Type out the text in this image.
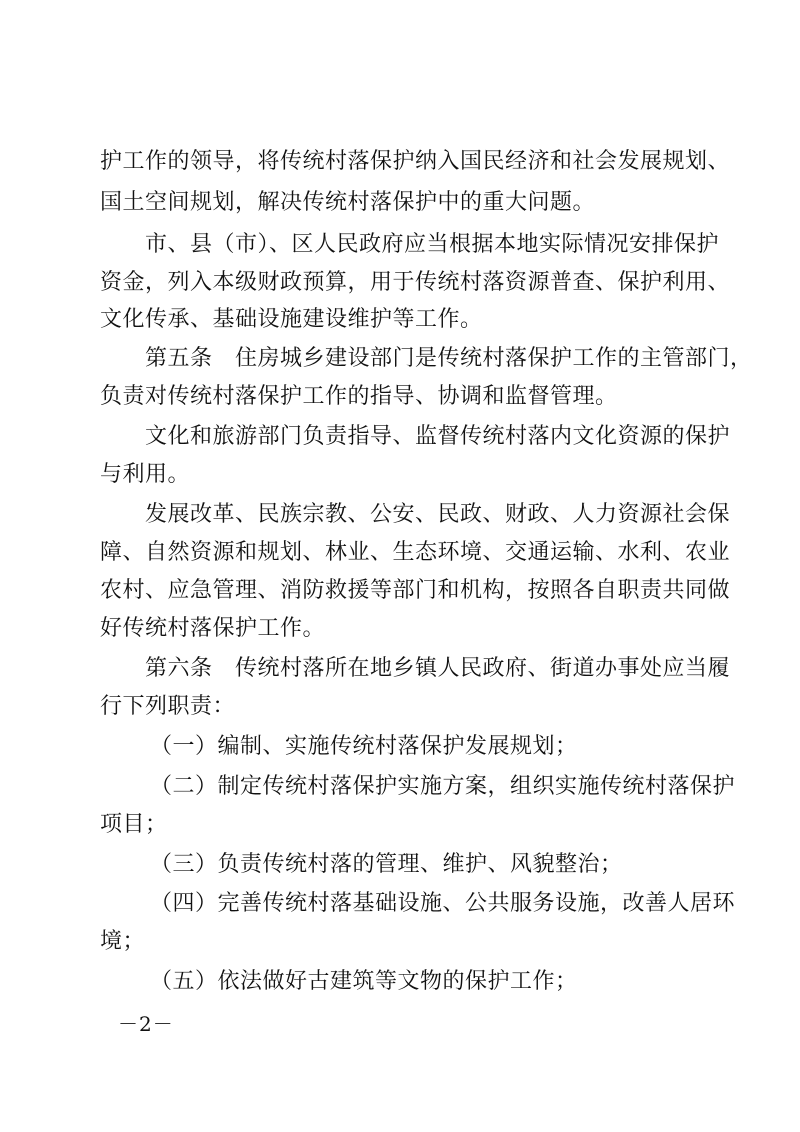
护工作的领导，将传统村落保护纳入国民经济和社会发展规划、
国土空间规划，解决传统村落保护中的重大问题。
市、县（市）、区人民政府应当根据本地实际情况安排保护
资金，列入本级财政预算，用于传统村落资源普查、保护利用、
文化传承、基础设施建设维护等工作。
第五条　住房城乡建设部门是传统村落保护工作的主管部门，
负责对传统村落保护工作的指导、协调和监督管理。
文化和旅游部门负责指导、监督传统村落内文化资源的保护
与利用。
发展改革、民族宗教、公安、民政、财政、人力资源社会保
障、自然资源和规划、林业、生态环境、交通运输、水利、农业
农村、应急管理、消防救援等部门和机构，按照各自职责共同做
好传统村落保护工作。
第六条　传统村落所在地乡镇人民政府、街道办事处应当履
行下列职责：
（一）编制、实施传统村落保护发展规划；
（二）制定传统村落保护实施方案，组织实施传统村落保护
项目；
（三）负责传统村落的管理、维护、风貌整治；
（四）完善传统村落基础设施、公共服务设施，改善人居环
境；
（五）依法做好古建筑等文物的保护工作；
－2－
